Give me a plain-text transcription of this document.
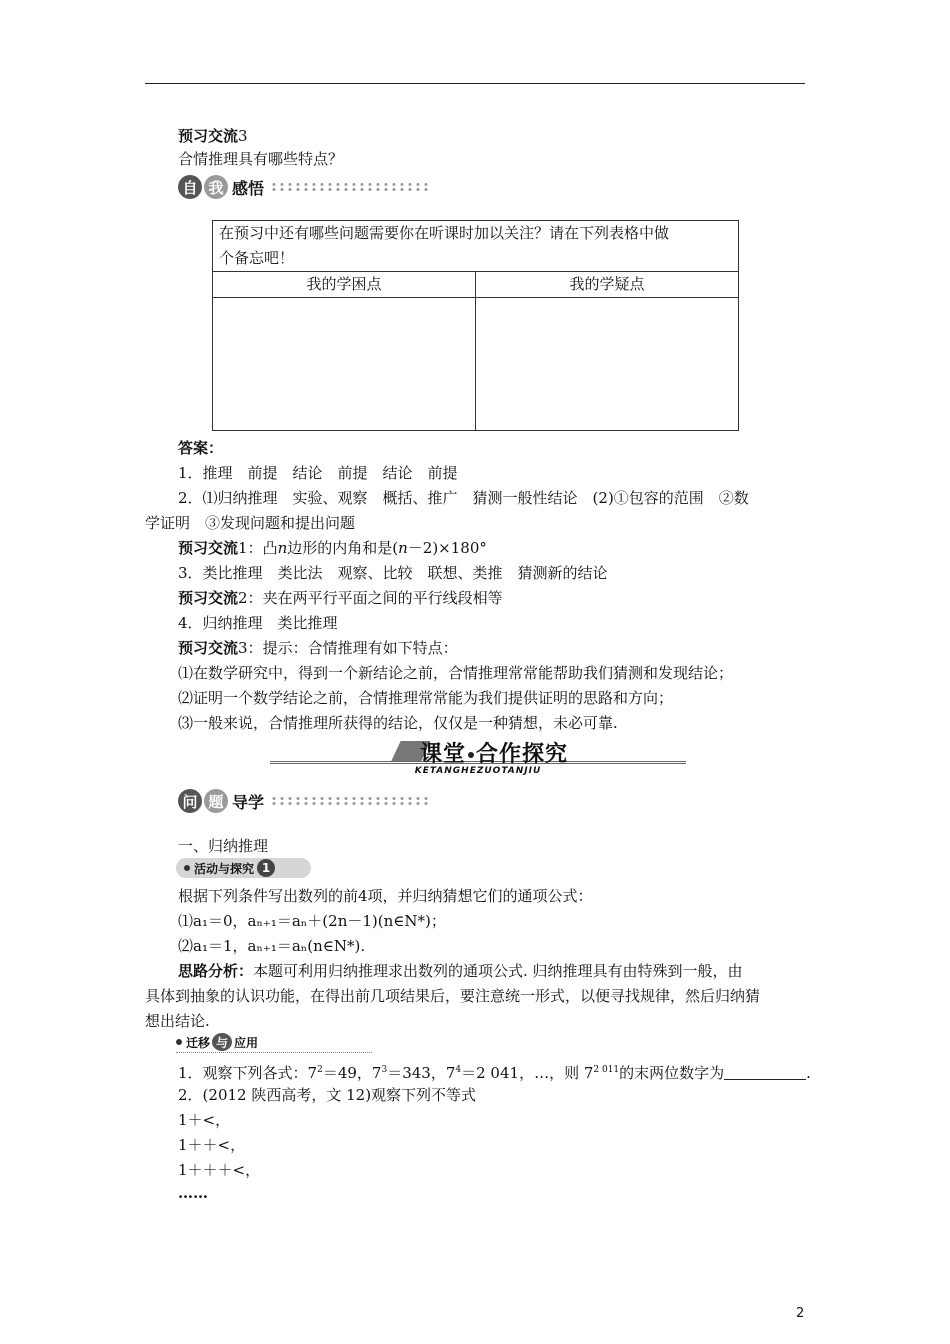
预习交流3
合情推理具有哪些特点？
自 我 感悟
在预习中还有哪些问题需要你在听课时加以关注？请在下列表格中做
个备忘吧！	

我的学困点	我的学疑点

答案：
1．推理　前提　结论　前提　结论　前提
2．⑴归纳推理　实验、观察　概括、推广　猜测一般性结论　(2)①包容的范围　②数
学证明　③发现问题和提出问题
预习交流1：凸n边形的内角和是(n－2)×180°
3．类比推理　类比法　观察、比较　联想、类推　猜测新的结论
预习交流2：夹在两平行平面之间的平行线段相等
4．归纳推理　类比推理
预习交流3：提示：合情推理有如下特点：
⑴在数学研究中，得到一个新结论之前，合情推理常常能帮助我们猜测和发现结论；
⑵证明一个数学结论之前，合情推理常常能为我们提供证明的思路和方向；
⑶一般来说，合情推理所获得的结论，仅仅是一种猜想，未必可靠.
课堂 合作探究
KETANGHEZUOTANJIU
问 题 导学
一、归纳推理
活动与探究 1
根据下列条件写出数列的前4项，并归纳猜想它们的通项公式：
⑴a₁＝0，aₙ₊₁＝aₙ＋(2n－1)(n∈N*)；
⑵a₁＝1，aₙ₊₁＝aₙ(n∈N*).
思路分析：本题可利用归纳推理求出数列的通项公式. 归纳推理具有由特殊到一般，由
具体到抽象的认识功能，在得出前几项结果后，要注意统一形式，以便寻找规律，然后归纳猜
想出结论.
迁移 与 应用
1．观察下列各式：$7^2=49$，$7^3=343$，$7^4=2$ 041，…，则 $7^{2 011}$的末两位数字为	.
2．(2012 陕西高考，文 12)观察下列不等式
1＋<，
1＋＋<，
1＋＋＋<，
……
2
